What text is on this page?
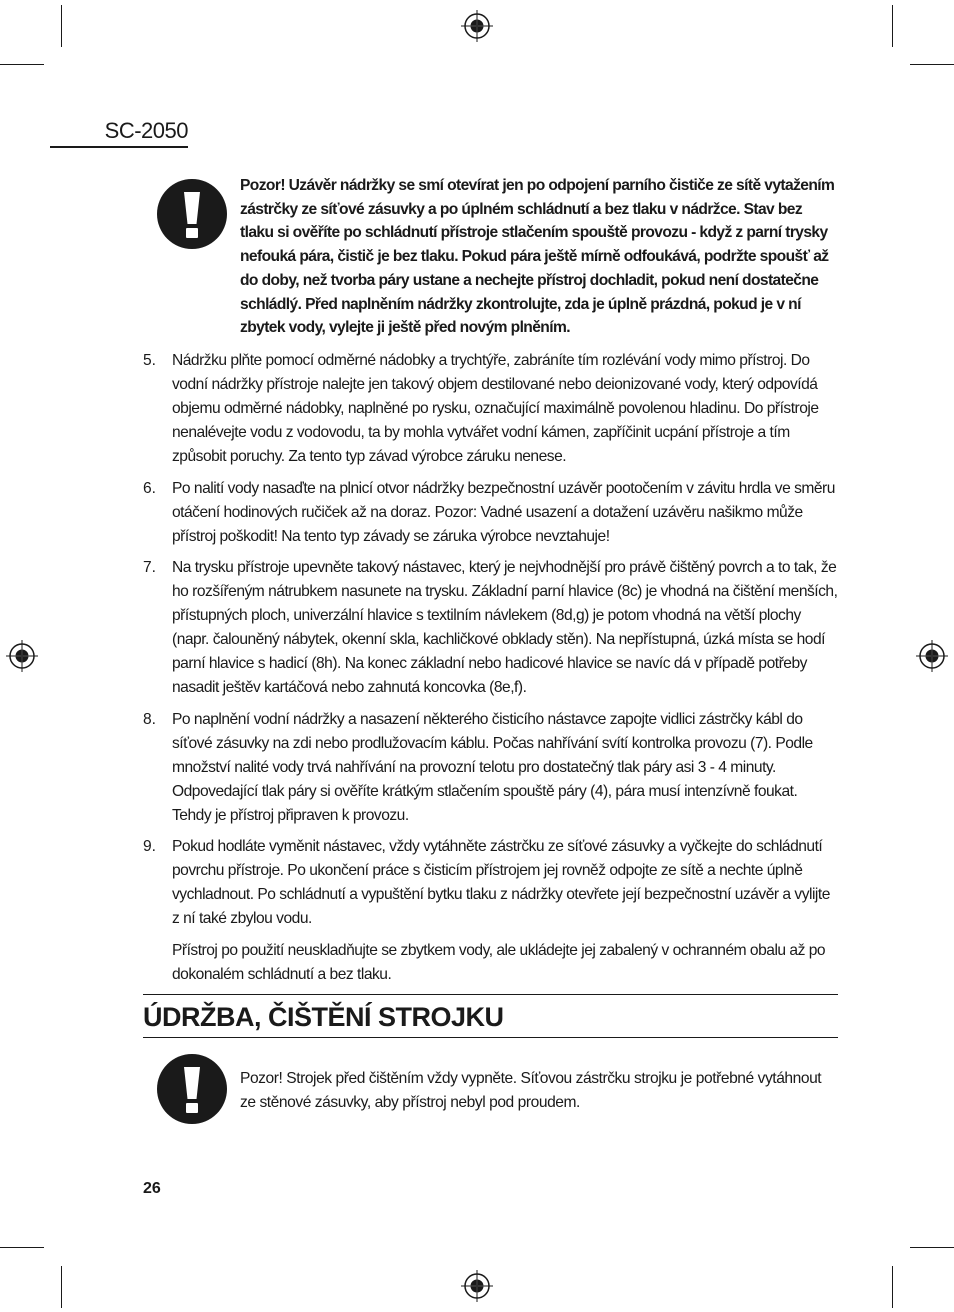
SC-2050
Pozor! Uzávěr nádržky se smí otevírat jen po odpojení parního čističe ze sítě vytažením zástrčky ze síťové zásuvky a po úplném schládnutí a bez tlaku v nádržce. Stav bez tlaku si ověříte po schládnutí přístroje stlačením spouště provozu - když z parní trysky nefouká pára, čistič je bez tlaku. Pokud pára ještě mírně odfoukává, podržte spoušť až do doby, než tvorba páry ustane a nechejte přístroj dochladit, pokud není dostatečne schládlý. Před naplněním nádržky zkontrolujte, zda je úplně prázdná, pokud je v ní zbytek vody, vylejte ji ještě před novým plněním.
5.	Nádržku plňte pomocí odměrné nádobky a trychtýře, zabráníte tím rozlévání vody mimo přístroj. Do vodní nádržky přístroje nalejte jen takový objem destilované nebo deionizované vody, který odpovídá objemu odměrné nádobky, naplněné po rysku, označující maximálně povolenou hladinu. Do přístroje nenalévejte vodu z vodovodu, ta by mohla vytvářet vodní kámen, zapříčinit ucpání přístroje a tím způsobit poruchy. Za tento typ závad výrobce záruku nenese.
6.	Po nalití vody nasaďte na plnicí otvor nádržky bezpečnostní uzávěr pootočením v závitu hrdla ve směru otáčení hodinových ručiček až na doraz. Pozor: Vadné usazení a dotažení uzávěru našikmo může přístroj poškodit! Na tento typ závady se záruka výrobce nevztahuje!
7.	Na trysku přístroje upevněte takový nástavec, který je nejvhodnější pro právě čištěný povrch a to tak, že ho rozšířeným nátrubkem nasunete na trysku. Základní parní hlavice (8c) je vhodná na čištění menších, přístupných ploch, univerzální hlavice s textilním návlekem (8d,g) je potom vhodná na větší plochy (napr. čalouněný nábytek, okenní skla, kachličkové obklady stěn). Na nepřístupná, úzká místa se hodí parní hlavice s hadicí (8h). Na konec základní nebo hadicové hlavice se navíc dá v případě potřeby nasadit ještěv kartáčová nebo zahnutá koncovka (8e,f).
8.	Po naplnění vodní nádržky a nasazení některého čisticího nástavce zapojte vidlici zástrčky kábl do síťové zásuvky na zdi nebo prodlužovacím káblu. Počas nahřívání svítí kontrolka provozu (7). Podle množství nalité vody trvá nahřívání na provozní telotu pro dostatečný tlak páry asi 3 - 4 minuty. Odpovedající tlak páry si ověříte krátkým stlačením spouště páry (4), pára musí intenzívně foukat. Tehdy je přístroj připraven k provozu.
9.	Pokud hodláte vyměnit nástavec, vždy vytáhněte zástrčku ze síťové zásuvky a vyčkejte do schládnutí povrchu přístroje. Po ukončení práce s čisticím přístrojem jej rovněž odpojte ze sítě a nechte úplně vychladnout. Po schládnutí a vypuštění bytku tlaku z nádržky otevřete její bezpečnostní uzávěr a vylijte z ní také zbylou vodu.
Přístroj po použití neuskladňujte se zbytkem vody, ale ukládejte jej zabalený v ochranném obalu až po dokonalém schládnutí a bez tlaku.
ÚDRŽBA, ČIŠTĚNÍ STROJKU
Pozor! Strojek před čištěním vždy vypněte. Síťovou zástrčku strojku je potřebné vytáhnout ze stěnové zásuvky, aby přístroj nebyl pod proudem.
26
